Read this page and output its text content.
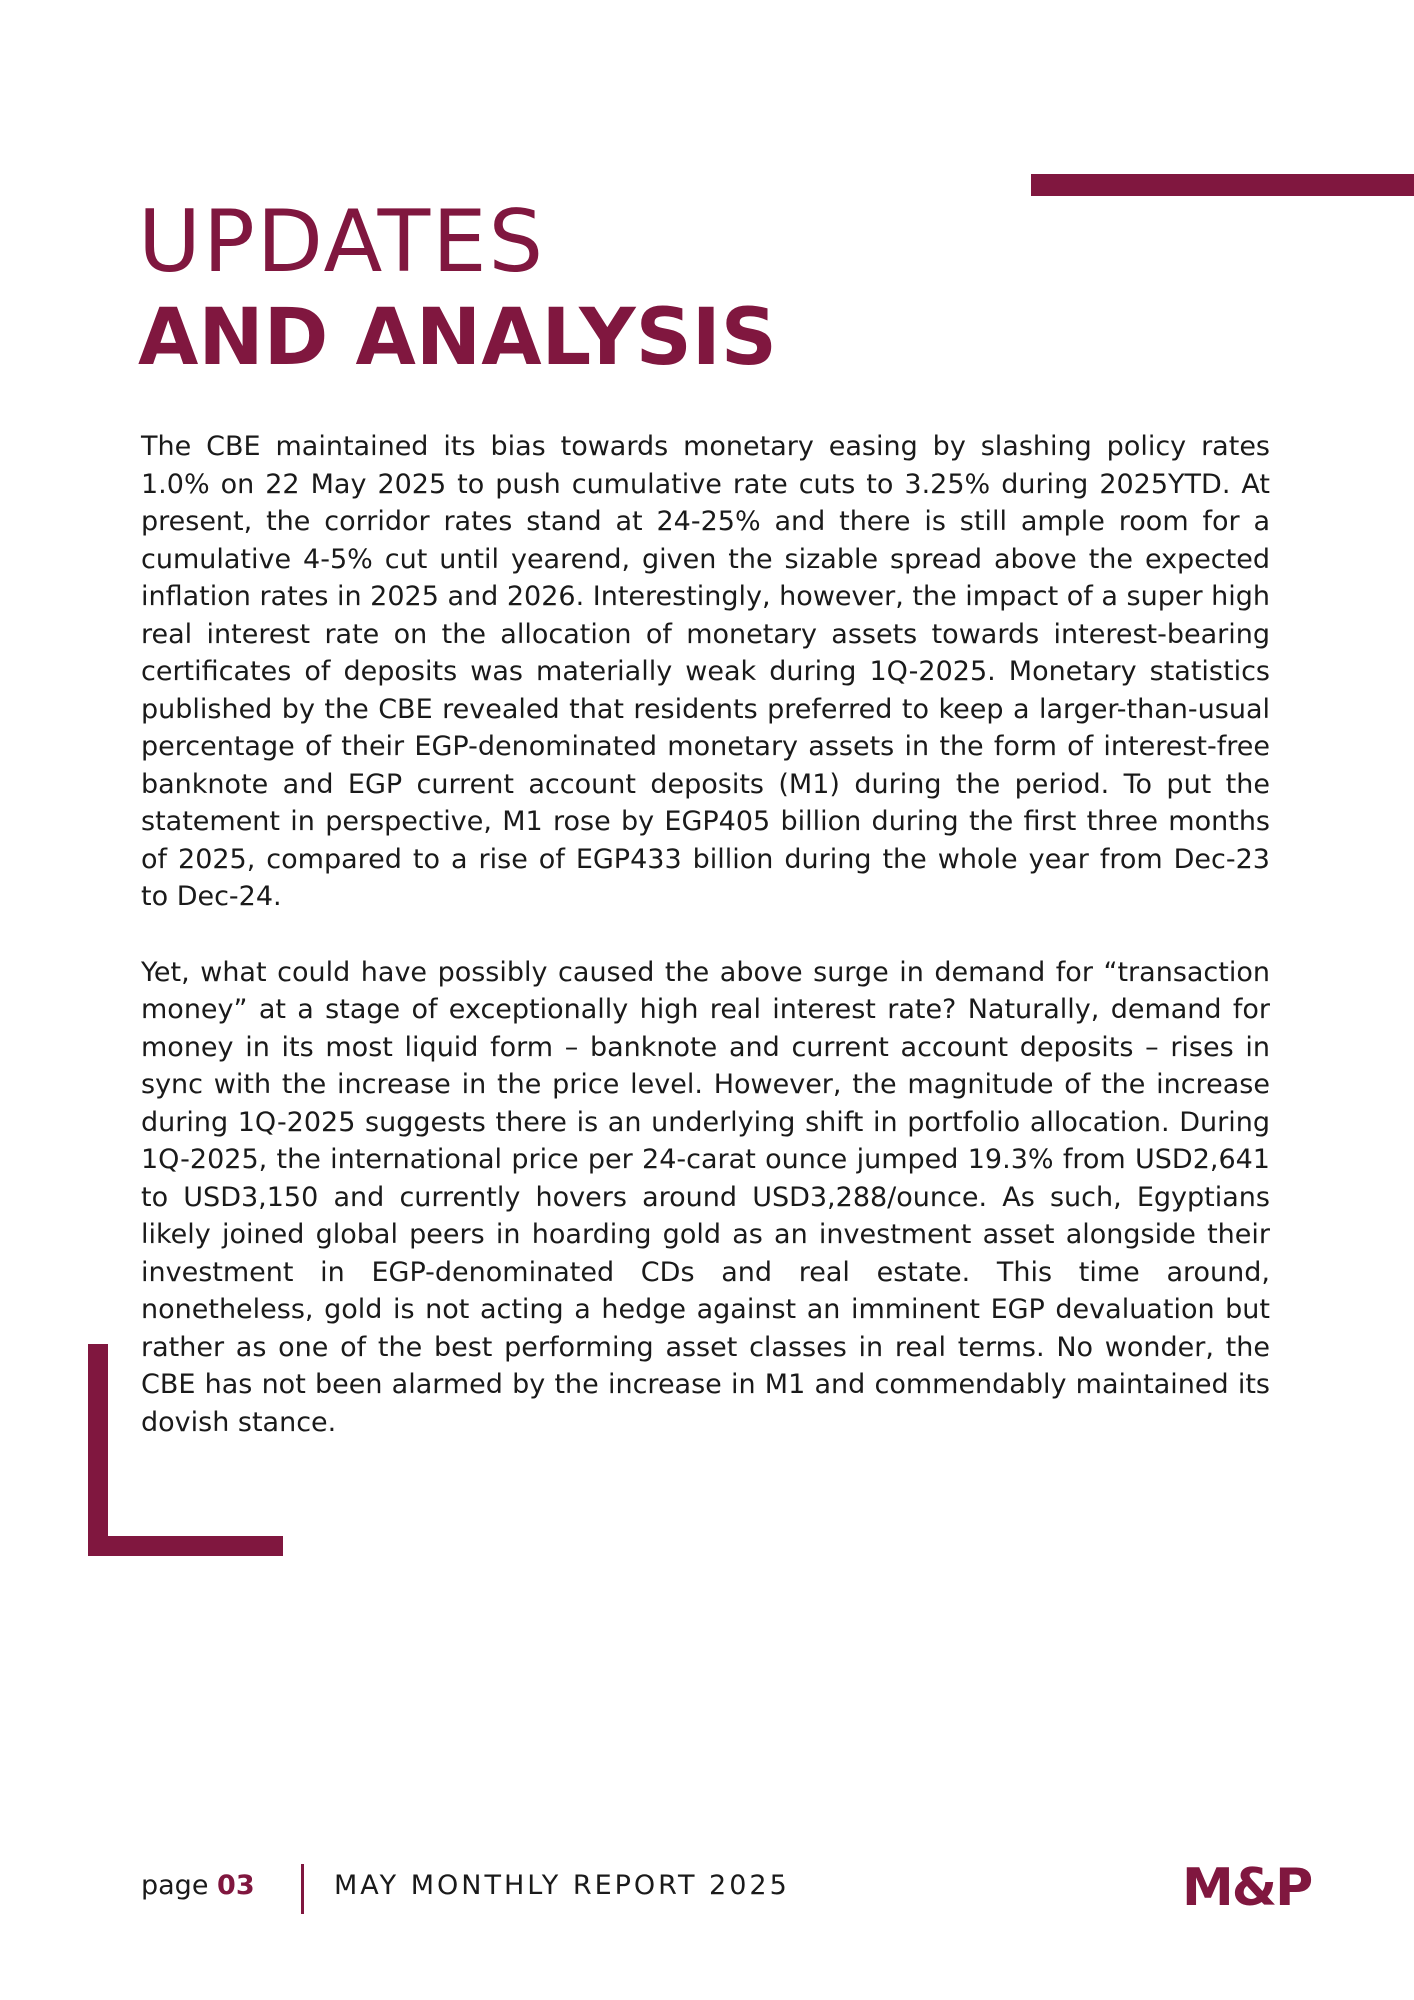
UPDATES
AND ANALYSIS

The CBE maintained its bias towards monetary easing by slashing policy rates 1.0% on 22 May 2025 to push cumulative rate cuts to 3.25% during 2025YTD. At present, the corridor rates stand at 24-25% and there is still ample room for a cumulative 4-5% cut until yearend, given the sizable spread above the expected inflation rates in 2025 and 2026. Interestingly, however, the impact of a super high real interest rate on the allocation of monetary assets towards interest-bearing certificates of deposits was materially weak during 1Q-2025. Monetary statistics published by the CBE revealed that residents preferred to keep a larger-than-usual percentage of their EGP-denominated monetary assets in the form of interest-free banknote and EGP current account deposits (M1) during the period. To put the statement in perspective, M1 rose by EGP405 billion during the first three months of 2025, compared to a rise of EGP433 billion during the whole year from Dec-23 to Dec-24.

Yet, what could have possibly caused the above surge in demand for “transaction money” at a stage of exceptionally high real interest rate? Naturally, demand for money in its most liquid form – banknote and current account deposits – rises in sync with the increase in the price level. However, the magnitude of the increase during 1Q-2025 suggests there is an underlying shift in portfolio allocation. During 1Q-2025, the international price per 24-carat ounce jumped 19.3% from USD2,641 to USD3,150 and currently hovers around USD3,288/ounce. As such, Egyptians likely joined global peers in hoarding gold as an investment asset alongside their investment in EGP-denominated CDs and real estate. This time around, nonetheless, gold is not acting a hedge against an imminent EGP devaluation but rather as one of the best performing asset classes in real terms. No wonder, the CBE has not been alarmed by the increase in M1 and commendably maintained its dovish stance.

page 03	MAY MONTHLY REPORT 2025	M&P
